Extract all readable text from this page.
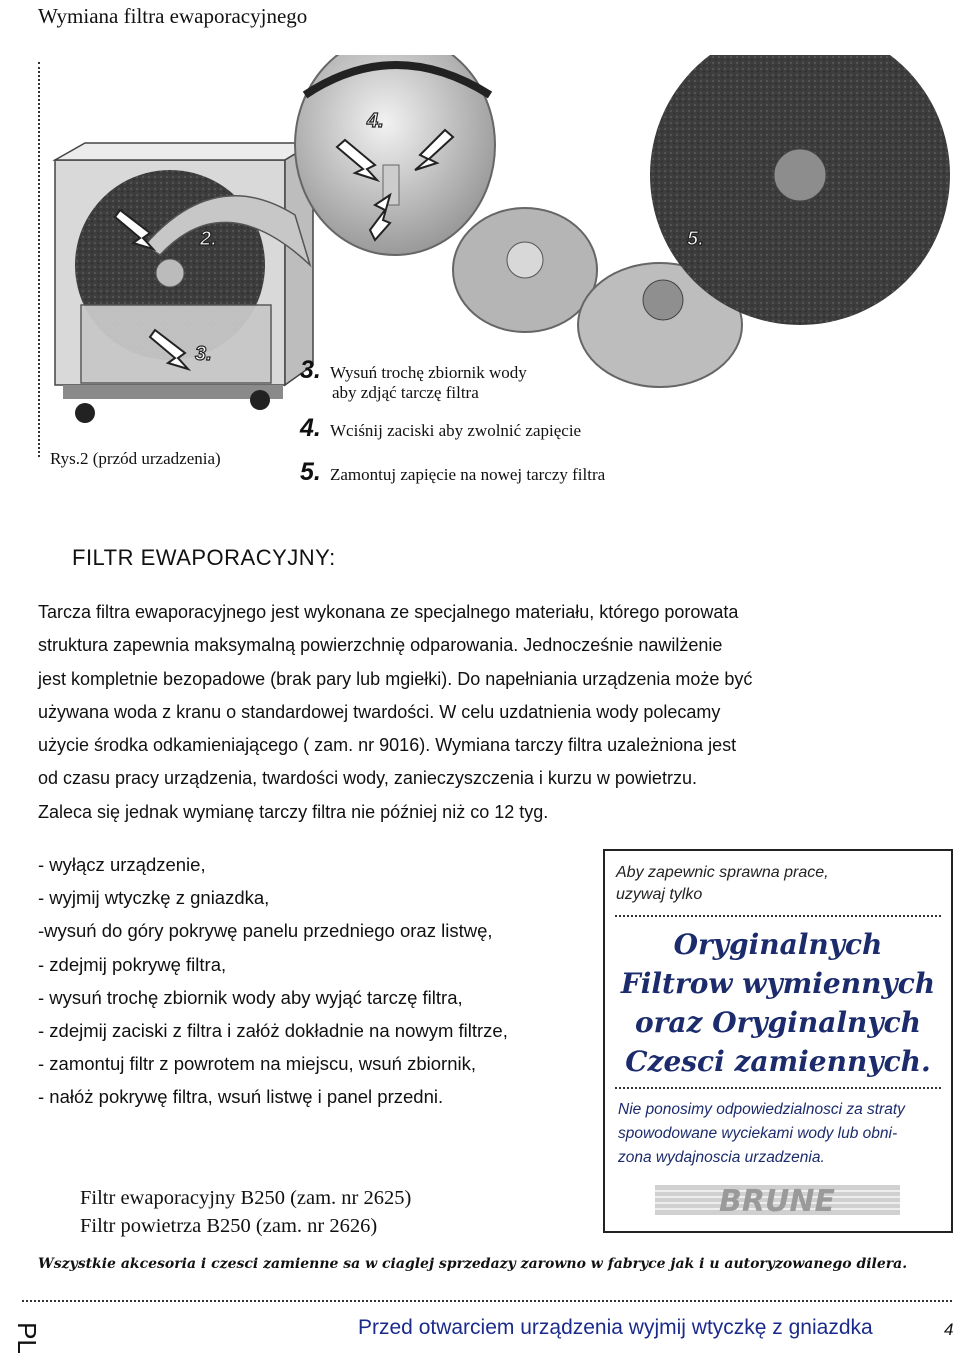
Wymiana filtra ewaporacyjnego
1. Zdejmij pokrywę
2. Zdejmij pokrywę filtra
2.
3.
4.
5.
Rys.2 (przód urzadzenia)
3. Wysuń trochę zbiornik wody
aby zdjąć tarczę filtra
4. Wciśnij zaciski aby zwolnić zapięcie
5. Zamontuj zapięcie na nowej tarczy filtra
FILTR EWAPORACYJNY:
Tarcza filtra ewaporacyjnego jest wykonana ze specjalnego materiału, którego porowata
struktura zapewnia maksymalną powierzchnię odparowania. Jednocześnie nawilżenie
jest kompletnie bezopadowe (brak pary lub mgiełki). Do napełniania urządzenia może być
używana woda z kranu o standardowej twardości. W celu uzdatnienia wody polecamy
użycie środka odkamieniającego ( zam. nr 9016). Wymiana tarczy filtra uzależniona jest
od czasu pracy urządzenia, twardości wody, zanieczyszczenia i kurzu w powietrzu.
Zaleca się jednak wymianę tarczy filtra nie później niż co 12 tyg.
- wyłącz urządzenie,
- wyjmij wtyczkę z gniazdka,
-wysuń do góry pokrywę panelu przedniego oraz listwę,
- zdejmij pokrywę filtra,
- wysuń trochę zbiornik wody aby wyjąć tarczę filtra,
- zdejmij zaciski z filtra i załóż dokładnie na nowym filtrze,
- zamontuj filtr z powrotem na miejscu, wsuń zbiornik,
- nałóż pokrywę filtra, wsuń listwę i panel przedni.
Filtr ewaporacyjny B250 (zam. nr 2625)
Filtr powietrza B250 (zam. nr 2626)
Aby zapewnic sprawna prace,
uzywaj tylko
Oryginalnych
Filtrow wymiennych
oraz Oryginalnych
Czesci zamiennych.
Nie ponosimy odpowiedzialnosci za straty
spowodowane wyciekami wody lub obni-
zona wydajnoscia urzadzenia.
BRUNE
Wszystkie akcesoria i czesci zamienne sa w ciaglej sprzedazy zarowno w fabryce jak i u autoryzowanego dilera.
PL	Przed otwarciem urządzenia wyjmij wtyczkę z gniazdka	4
